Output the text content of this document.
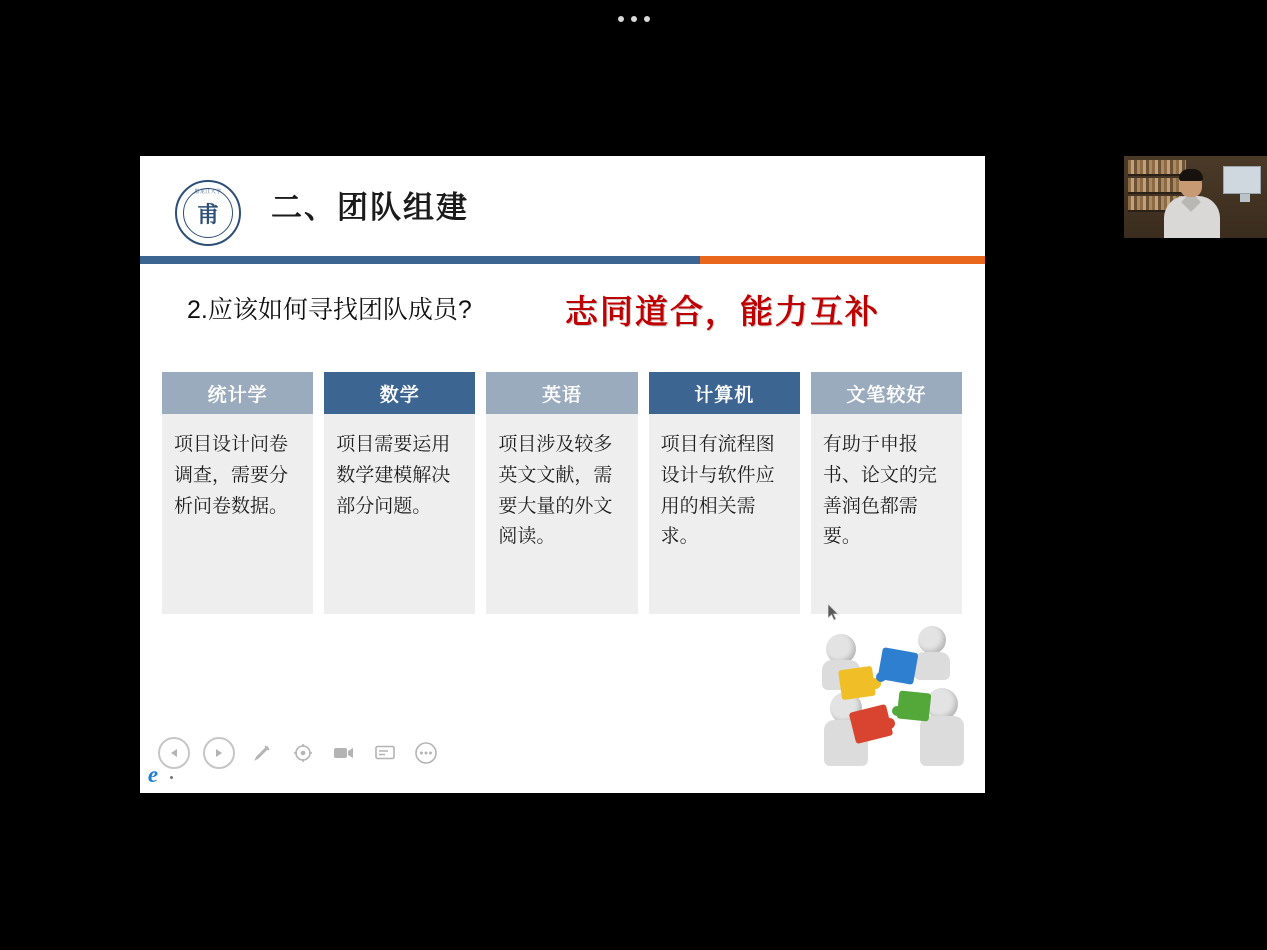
黑龙江大学
甫	二、团队组建
2.应该如何寻找团队成员?	志同道合，能力互补
统计学
项目设计问卷调查，需要分析问卷数据。
数学
项目需要运用数学建模解决部分问题。
英语
项目涉及较多英文文献，需要大量的外文阅读。
计算机
项目有流程图设计与软件应用的相关需求。
文笔较好
有助于申报书、论文的完善润色都需要。
e
